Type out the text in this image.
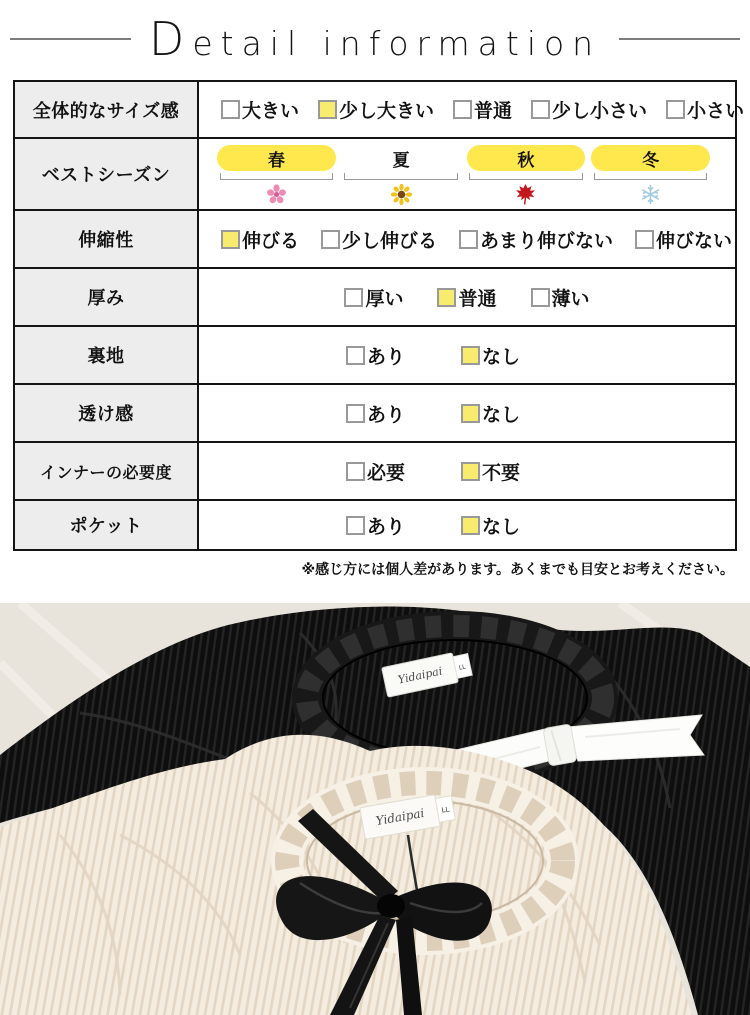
Detail information
全体的なサイズ感	大きい 少し大きい 普通 少し小さい 小さい

ベストシーズン	春 夏 秋 冬

伸縮性	伸びる 少し伸びる あまり伸びない 伸びない

厚み	厚い 普通 薄い

裏地	あり なし

透け感	あり なし

インナーの必要度	必要 不要

ポケット	あり なし
※感じ方には個人差があります。あくまでも目安とお考えください。
Yidaipai LL
Yidaipai LL
